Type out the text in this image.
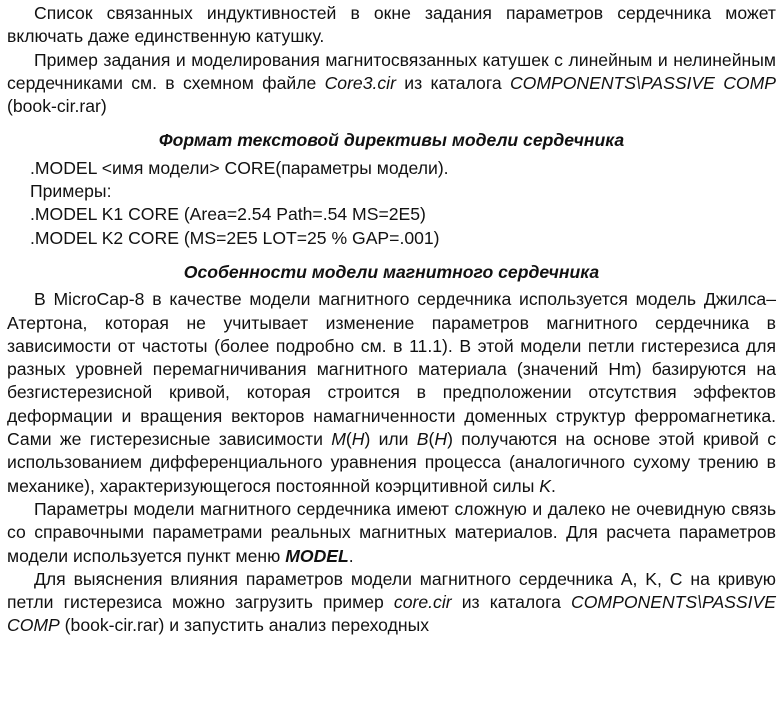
Список связанных индуктивностей в окне задания параметров сердечника может включать даже единственную катушку.

Пример задания и моделирования магнитосвязанных катушек с линейным и нелинейным сердечниками см. в схемном файле Core3.cir из каталога COMPONENTS\PASSIVE COMP (book-cir.rar)

Формат текстовой директивы модели сердечника
.MODEL <имя модели> CORE(параметры модели).
Примеры:
.MODEL K1 CORE (Area=2.54 Path=.54 MS=2E5)
.MODEL K2 CORE (MS=2E5 LOT=25 % GAP=.001)
Особенности модели магнитного сердечника

В MicroCap-8 в качестве модели магнитного сердечника используется модель Джилса–Атертона, которая не учитывает изменение параметров магнитного сердечника в зависимости от частоты (более подробно см. в 11.1). В этой модели петли гистерезиса для разных уровней перемагничивания магнитного материала (значений Hm) базируются на безгистерезисной кривой, которая строится в предположении отсутствия эффектов деформации и вращения векторов намагниченности доменных структур ферромагнетика. Сами же гистерезисные зависимости M(H) или B(H) получаются на основе этой кривой с использованием дифференциального уравнения процесса (аналогичного сухому трению в механике), характеризующегося постоянной коэрцитивной силы K.

Параметры модели магнитного сердечника имеют сложную и далеко не очевидную связь со справочными параметрами реальных магнитных материалов. Для расчета параметров модели используется пункт меню MODEL.

Для выяснения влияния параметров модели магнитного сердечника A, K, C на кривую петли гистерезиса можно загрузить пример core.cir из каталога COMPONENTS\PASSIVE COMP (book-cir.rar) и запустить анализ переходных
